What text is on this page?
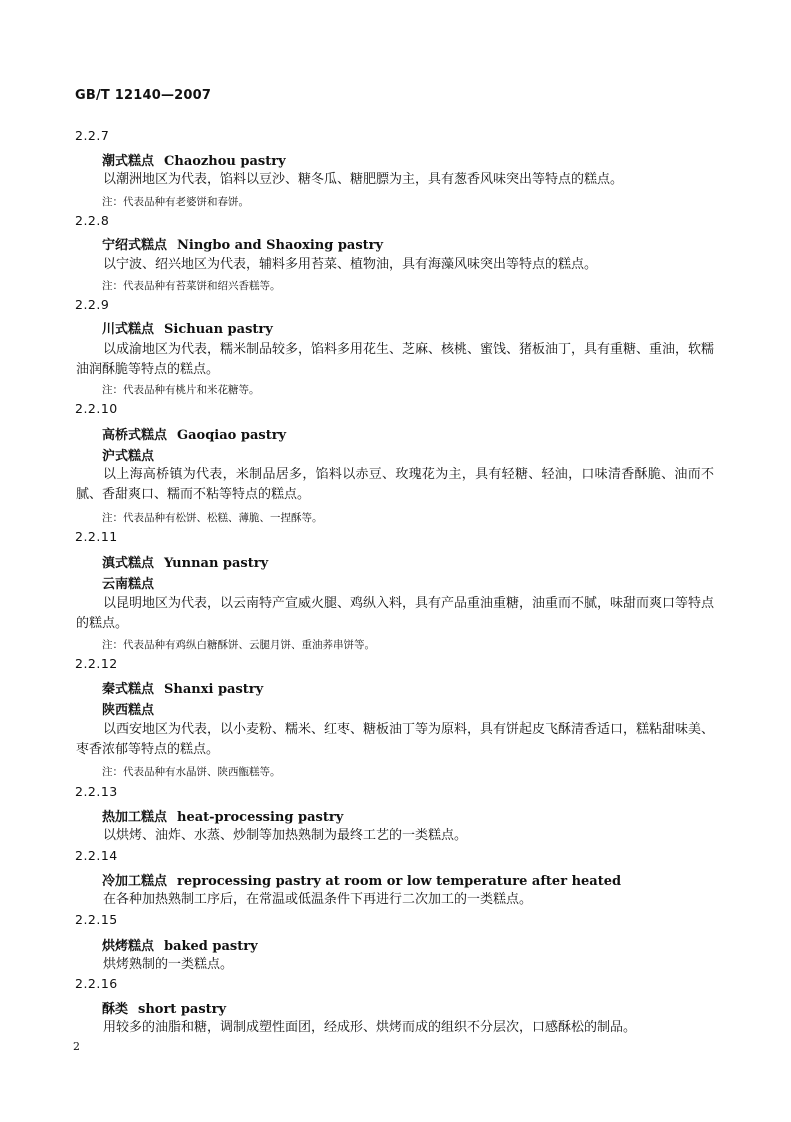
GB/T 12140—2007
2.2.7
潮式糕点 Chaozhou pastry
以潮洲地区为代表，馅料以豆沙、糖冬瓜、糖肥膘为主，具有葱香风味突出等特点的糕点。
注：代表品种有老婆饼和春饼。
2.2.8
宁绍式糕点 Ningbo and Shaoxing pastry
以宁波、绍兴地区为代表，辅料多用苔菜、植物油，具有海藻风味突出等特点的糕点。
注：代表品种有苔菜饼和绍兴香糕等。
2.2.9
川式糕点 Sichuan pastry
以成渝地区为代表，糯米制品较多，馅料多用花生、芝麻、核桃、蜜饯、猪板油丁，具有重糖、重油，软糯油润酥脆等特点的糕点。
注：代表品种有桃片和米花糖等。
2.2.10
高桥式糕点 Gaoqiao pastry
沪式糕点
以上海高桥镇为代表，米制品居多，馅料以赤豆、玫瑰花为主，具有轻糖、轻油，口味清香酥脆、油而不腻、香甜爽口、糯而不粘等特点的糕点。
注：代表品种有松饼、松糕、薄脆、一捏酥等。
2.2.11
滇式糕点 Yunnan pastry
云南糕点
以昆明地区为代表，以云南特产宣威火腿、鸡纵入料，具有产品重油重糖，油重而不腻，味甜而爽口等特点的糕点。
注：代表品种有鸡纵白糖酥饼、云腿月饼、重油荞串饼等。
2.2.12
秦式糕点 Shanxi pastry
陕西糕点
以西安地区为代表，以小麦粉、糯米、红枣、糖板油丁等为原料，具有饼起皮飞酥清香适口，糕粘甜味美、枣香浓郁等特点的糕点。
注：代表品种有水晶饼、陕西甑糕等。
2.2.13
热加工糕点 heat-processing pastry
以烘烤、油炸、水蒸、炒制等加热熟制为最终工艺的一类糕点。
2.2.14
冷加工糕点 reprocessing pastry at room or low temperature after heated
在各种加热熟制工序后，在常温或低温条件下再进行二次加工的一类糕点。
2.2.15
烘烤糕点 baked pastry
烘烤熟制的一类糕点。
2.2.16
酥类 short pastry
用较多的油脂和糖，调制成塑性面团，经成形、烘烤而成的组织不分层次，口感酥松的制品。
2
